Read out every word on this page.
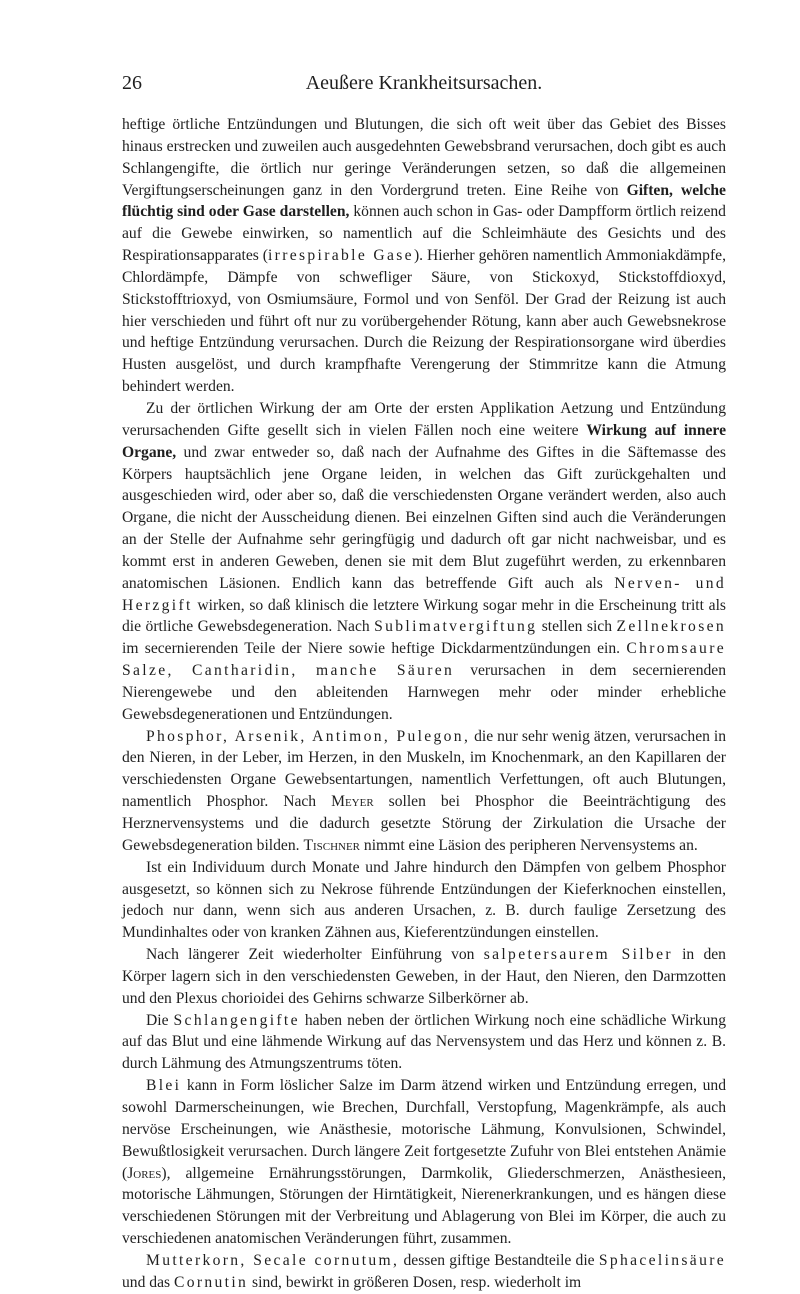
26	Aeußere Krankheitsursachen.

heftige örtliche Entzündungen und Blutungen, die sich oft weit über das Gebiet des Bisses hinaus erstrecken und zuweilen auch ausgedehnten Gewebsbrand verursachen, doch gibt es auch Schlangengifte, die örtlich nur geringe Veränderungen setzen, so daß die allgemeinen Vergiftungserscheinungen ganz in den Vordergrund treten. Eine Reihe von Giften, welche flüchtig sind oder Gase darstellen, können auch schon in Gas- oder Dampfform örtlich reizend auf die Gewebe einwirken, so namentlich auf die Schleimhäute des Gesichts und des Respirationsapparates (irrespirable Gase). Hierher gehören namentlich Ammoniakdämpfe, Chlordämpfe, Dämpfe von schwefliger Säure, von Stickoxyd, Stickstoffdioxyd, Stickstofftrioxyd, von Osmiumsäure, Formol und von Senföl. Der Grad der Reizung ist auch hier verschieden und führt oft nur zu vorübergehender Rötung, kann aber auch Gewebsnekrose und heftige Entzündung verursachen. Durch die Reizung der Respirationsorgane wird überdies Husten ausgelöst, und durch krampfhafte Verengerung der Stimmritze kann die Atmung behindert werden.

Zu der örtlichen Wirkung der am Orte der ersten Applikation Aetzung und Entzündung verursachenden Gifte gesellt sich in vielen Fällen noch eine weitere Wirkung auf innere Organe, und zwar entweder so, daß nach der Aufnahme des Giftes in die Säftemasse des Körpers hauptsächlich jene Organe leiden, in welchen das Gift zurückgehalten und ausgeschieden wird, oder aber so, daß die verschiedensten Organe verändert werden, also auch Organe, die nicht der Ausscheidung dienen. Bei einzelnen Giften sind auch die Veränderungen an der Stelle der Aufnahme sehr geringfügig und dadurch oft gar nicht nachweisbar, und es kommt erst in anderen Geweben, denen sie mit dem Blut zugeführt werden, zu erkennbaren anatomischen Läsionen. Endlich kann das betreffende Gift auch als Nerven- und Herzgift wirken, so daß klinisch die letztere Wirkung sogar mehr in die Erscheinung tritt als die örtliche Gewebsdegeneration. Nach Sublimatvergiftung stellen sich Zellnekrosen im secernierenden Teile der Niere sowie heftige Dickdarmentzündungen ein. Chromsaure Salze, Cantharidin, manche Säuren verursachen in dem secernierenden Nierengewebe und den ableitenden Harnwegen mehr oder minder erhebliche Gewebsdegenerationen und Entzündungen.

Phosphor, Arsenik, Antimon, Pulegon, die nur sehr wenig ätzen, verursachen in den Nieren, in der Leber, im Herzen, in den Muskeln, im Knochenmark, an den Kapillaren der verschiedensten Organe Gewebsentartungen, namentlich Verfettungen, oft auch Blutungen, namentlich Phosphor. Nach Meyer sollen bei Phosphor die Beeinträchtigung des Herznervensystems und die dadurch gesetzte Störung der Zirkulation die Ursache der Gewebsdegeneration bilden. Tischner nimmt eine Läsion des peripheren Nervensystems an.

Ist ein Individuum durch Monate und Jahre hindurch den Dämpfen von gelbem Phosphor ausgesetzt, so können sich zu Nekrose führende Entzündungen der Kieferknochen einstellen, jedoch nur dann, wenn sich aus anderen Ursachen, z. B. durch faulige Zersetzung des Mundinhaltes oder von kranken Zähnen aus, Kieferentzündungen einstellen.

Nach längerer Zeit wiederholter Einführung von salpetersaurem Silber in den Körper lagern sich in den verschiedensten Geweben, in der Haut, den Nieren, den Darmzotten und den Plexus chorioidei des Gehirns schwarze Silberkörner ab.

Die Schlangengifte haben neben der örtlichen Wirkung noch eine schädliche Wirkung auf das Blut und eine lähmende Wirkung auf das Nervensystem und das Herz und können z. B. durch Lähmung des Atmungszentrums töten.

Blei kann in Form löslicher Salze im Darm ätzend wirken und Entzündung erregen, und sowohl Darmerscheinungen, wie Brechen, Durchfall, Verstopfung, Magenkrämpfe, als auch nervöse Erscheinungen, wie Anästhesie, motorische Lähmung, Konvulsionen, Schwindel, Bewußtlosigkeit verursachen. Durch längere Zeit fortgesetzte Zufuhr von Blei entstehen Anämie (Jores), allgemeine Ernährungsstörungen, Darmkolik, Gliederschmerzen, Anästhesieen, motorische Lähmungen, Störungen der Hirntätigkeit, Nierenerkrankungen, und es hängen diese verschiedenen Störungen mit der Verbreitung und Ablagerung von Blei im Körper, die auch zu verschiedenen anatomischen Veränderungen führt, zusammen.

Mutterkorn, Secale cornutum, dessen giftige Bestandteile die Sphacelinsäure und das Cornutin sind, bewirkt in größeren Dosen, resp. wiederholt im
